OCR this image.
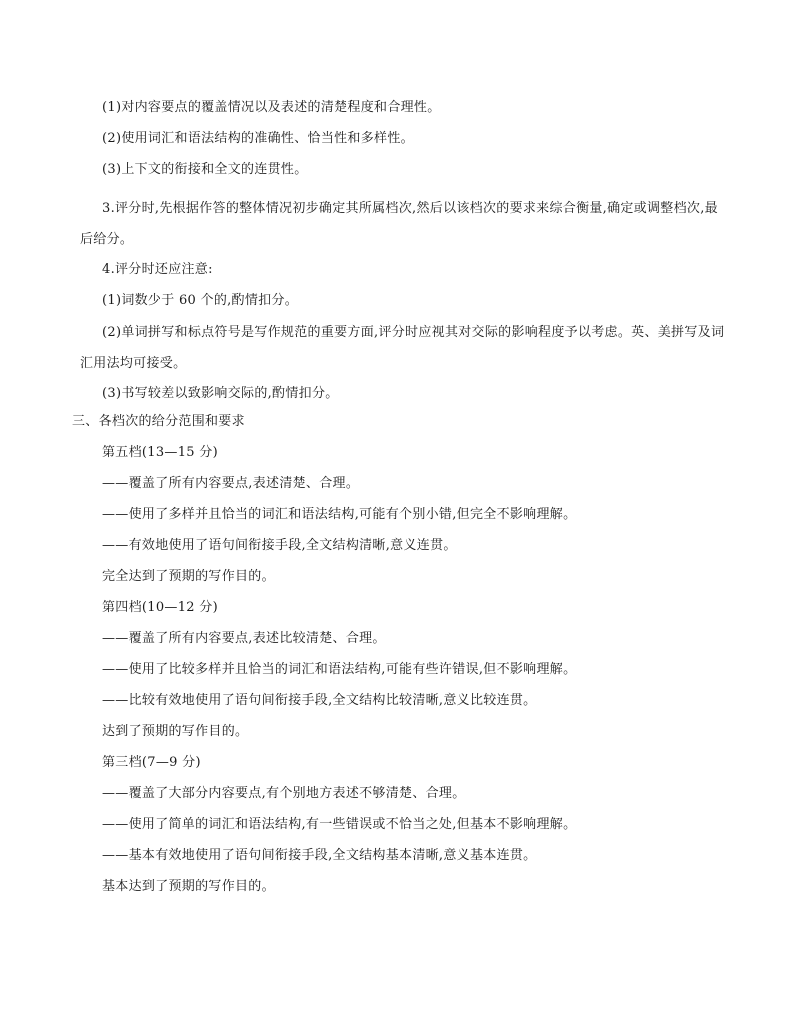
(1)对内容要点的覆盖情况以及表述的清楚程度和合理性。
(2)使用词汇和语法结构的准确性、恰当性和多样性。
(3)上下文的衔接和全文的连贯性。
3.评分时,先根据作答的整体情况初步确定其所属档次,然后以该档次的要求来综合衡量,确定或调整档次,最后给分。
4.评分时还应注意:
(1)词数少于 60 个的,酌情扣分。
(2)单词拼写和标点符号是写作规范的重要方面,评分时应视其对交际的影响程度予以考虑。英、美拼写及词汇用法均可接受。
(3)书写较差以致影响交际的,酌情扣分。
三、各档次的给分范围和要求
第五档(13—15 分)
——覆盖了所有内容要点,表述清楚、合理。
——使用了多样并且恰当的词汇和语法结构,可能有个别小错,但完全不影响理解。
——有效地使用了语句间衔接手段,全文结构清晰,意义连贯。
完全达到了预期的写作目的。
第四档(10—12 分)
——覆盖了所有内容要点,表述比较清楚、合理。
——使用了比较多样并且恰当的词汇和语法结构,可能有些许错误,但不影响理解。
——比较有效地使用了语句间衔接手段,全文结构比较清晰,意义比较连贯。
达到了预期的写作目的。
第三档(7—9 分)
——覆盖了大部分内容要点,有个别地方表述不够清楚、合理。
——使用了简单的词汇和语法结构,有一些错误或不恰当之处,但基本不影响理解。
——基本有效地使用了语句间衔接手段,全文结构基本清晰,意义基本连贯。
基本达到了预期的写作目的。
